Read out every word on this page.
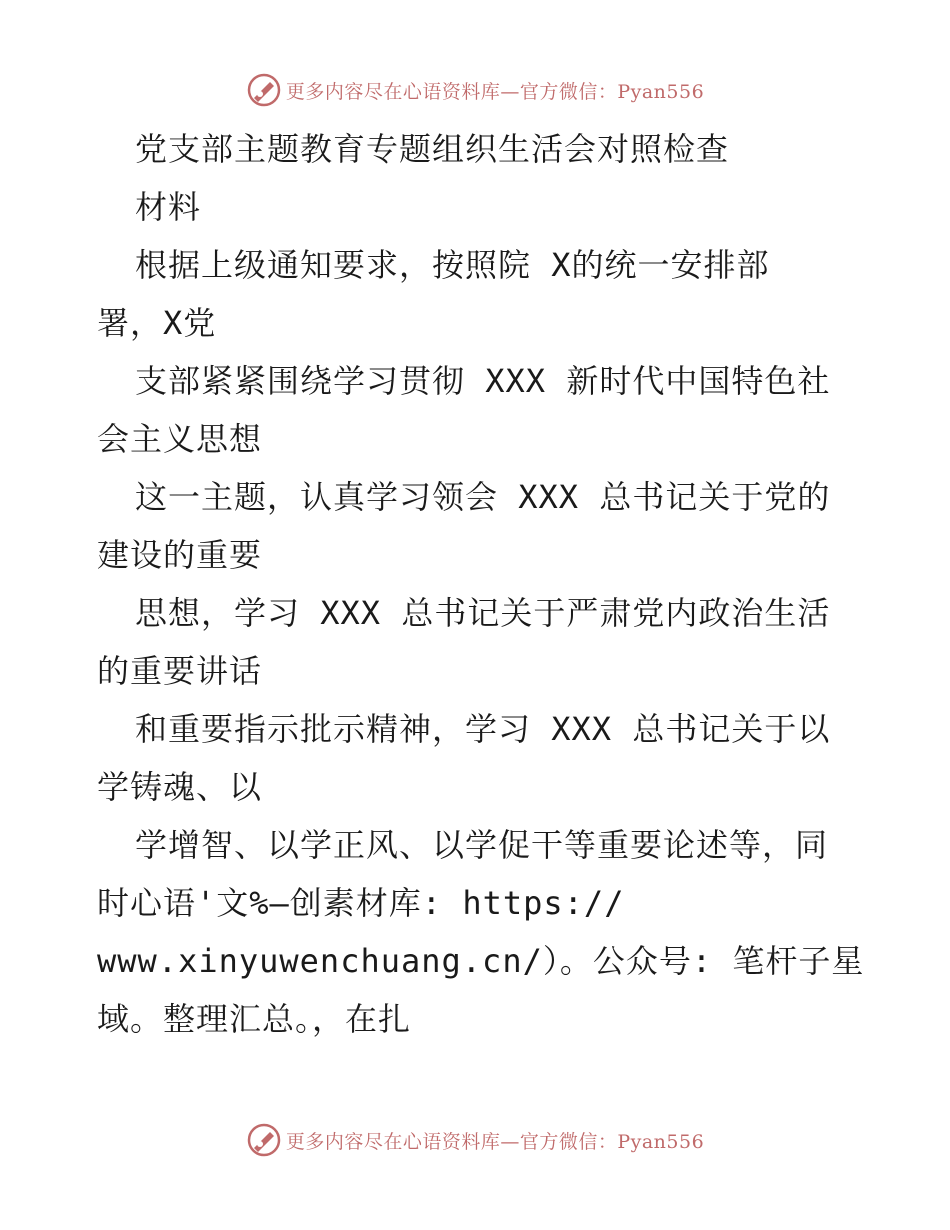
更多内容尽在心语资料库—官方微信：Pyan556
党支部主题教育专题组织生活会对照检查
材料
根据上级通知要求，按照院 X的统一安排部
署，X党
支部紧紧围绕学习贯彻 XXX 新时代中国特色社
会主义思想
这一主题，认真学习领会 XXX 总书记关于党的
建设的重要
思想，学习 XXX 总书记关于严肃党内政治生活
的重要讲话
和重要指示批示精神，学习 XXX 总书记关于以
学铸魂、以
学增智、以学正风、以学促干等重要论述等，同
时心语'文%—创素材库: https://
www.xinyuwenchuang.cn/）。公众号: 笔杆子星
域。整理汇总。，在扎
更多内容尽在心语资料库—官方微信：Pyan556
